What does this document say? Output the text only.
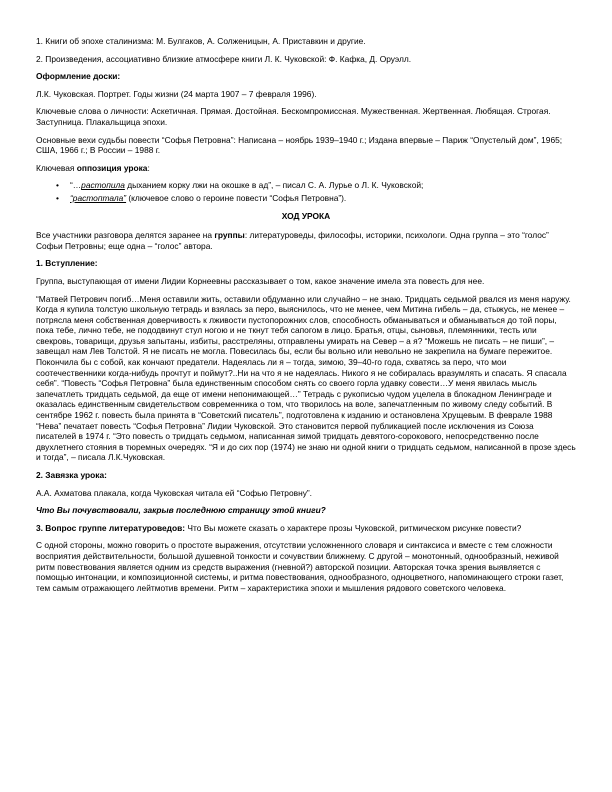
1. Книги об эпохе сталинизма: М. Булгаков, А. Солженицын, А. Приставкин и другие.

2. Произведения, ассоциативно близкие атмосфере книги Л. К. Чуковской: Ф. Кафка, Д. Оруэлл.

Оформление доски:

Л.К. Чуковская. Портрет. Годы жизни (24 марта 1907 – 7 февраля 1996).

Ключевые слова о личности: Аскетичная. Прямая. Достойная. Бескомпромиссная. Мужественная. Жертвенная. Любящая. Строгая. Заступница. Плакальщица эпохи.

Основные вехи судьбы повести “Софья Петровна”: Написана – ноябрь 1939–1940 г.; Издана впервые – Париж “Опустелый дом”, 1965; США, 1966 г.; В России – 1988 г.

Ключевая оппозиция урока:

• “…растопила дыханием корку лжи на окошке в ад”, – писал С. А. Лурье о Л. К. Чуковской;
• “растоптала” (ключевое слово о героине повести “Софья Петровна”).

ХОД УРОКА

Все участники разговора делятся заранее на группы: литературоведы, философы, историки, психологи. Одна группа – это “голос” Софьи Петровны; еще одна – “голос” автора.

1. Вступление:

Группа, выступающая от имени Лидии Корнеевны рассказывает о том, какое значение имела эта повесть для нее.

“Матвей Петрович погиб…Меня оставили жить, оставили обдуманно или случайно – не знаю. Тридцать седьмой рвался из меня наружу. Когда я купила толстую школьную тетрадь и взялась за перо, выяснилось, что не менее, чем Митина гибель – да, стыжусь, не менее – потрясла меня собственная доверчивость к лживости пустопорожних слов, способность обманываться и обманываться до той поры, пока тебе, лично тебе, не пододвинут стул ногою и не ткнут тебя сапогом в лицо. Братья, отцы, сыновья, племянники, тесть или свекровь, товарищи, друзья запытаны, избиты, расстреляны, отправлены умирать на Север – а я? “Можешь не писать – не пиши”, – завещал нам Лев Толстой. Я не писать не могла. Повесилась бы, если бы вольно или невольно не закрепила на бумаге пережитое. Покончила бы с собой, как кончают предатели. Надеялась ли я – тогда, зимою, 39–40-го года, схватясь за перо, что мои соотечественники когда-нибудь прочтут и поймут?..Ни на что я не надеялась. Никого я не собиралась вразумлять и спасать. Я спасала себя”. “Повесть “Софья Петровна” была единственным способом снять со своего горла удавку совести…У меня явилась мысль запечатлеть тридцать седьмой, да еще от имени непонимающей…” Тетрадь с рукописью чудом уцелела в блокадном Ленинграде и оказалась единственным свидетельством современника о том, что творилось на воле, запечатленным по живому следу событий. В сентябре 1962 г. повесть была принята в “Советский писатель”, подготовлена к изданию и остановлена Хрущевым. В феврале 1988 “Нева” печатает повесть “Софья Петровна” Лидии Чуковской. Это становится первой публикацией после исключения из Союза писателей в 1974 г. “Это повесть о тридцать седьмом, написанная зимой тридцать девятого-сорокового, непосредственно после двухлетнего стояния в тюремных очередях. “Я и до сих пор (1974) не знаю ни одной книги о тридцать седьмом, написанной в прозе здесь и тогда”, – писала Л.К.Чуковская.

2. Завязка урока:

А.А. Ахматова плакала, когда Чуковская читала ей “Софью Петровну”.

Что Вы почувствовали, закрыв последнюю страницу этой книги?

3. Вопрос группе литературоведов: Что Вы можете сказать о характере прозы Чуковской, ритмическом рисунке повести?

С одной стороны, можно говорить о простоте выражения, отсутствии усложненного словаря и синтаксиса и вместе с тем сложности восприятия действительности, большой душевной тонкости и сочувствии ближнему. С другой – монотонный, однообразный, неживой ритм повествования является одним из средств выражения (гневной?) авторской позиции. Авторская точка зрения выявляется с помощью интонации, и композиционной системы, и ритма повествования, однообразного, одноцветного, напоминающего строки газет, тем самым отражающего лейтмотив времени. Ритм – характеристика эпохи и мышления рядового советского человека.
